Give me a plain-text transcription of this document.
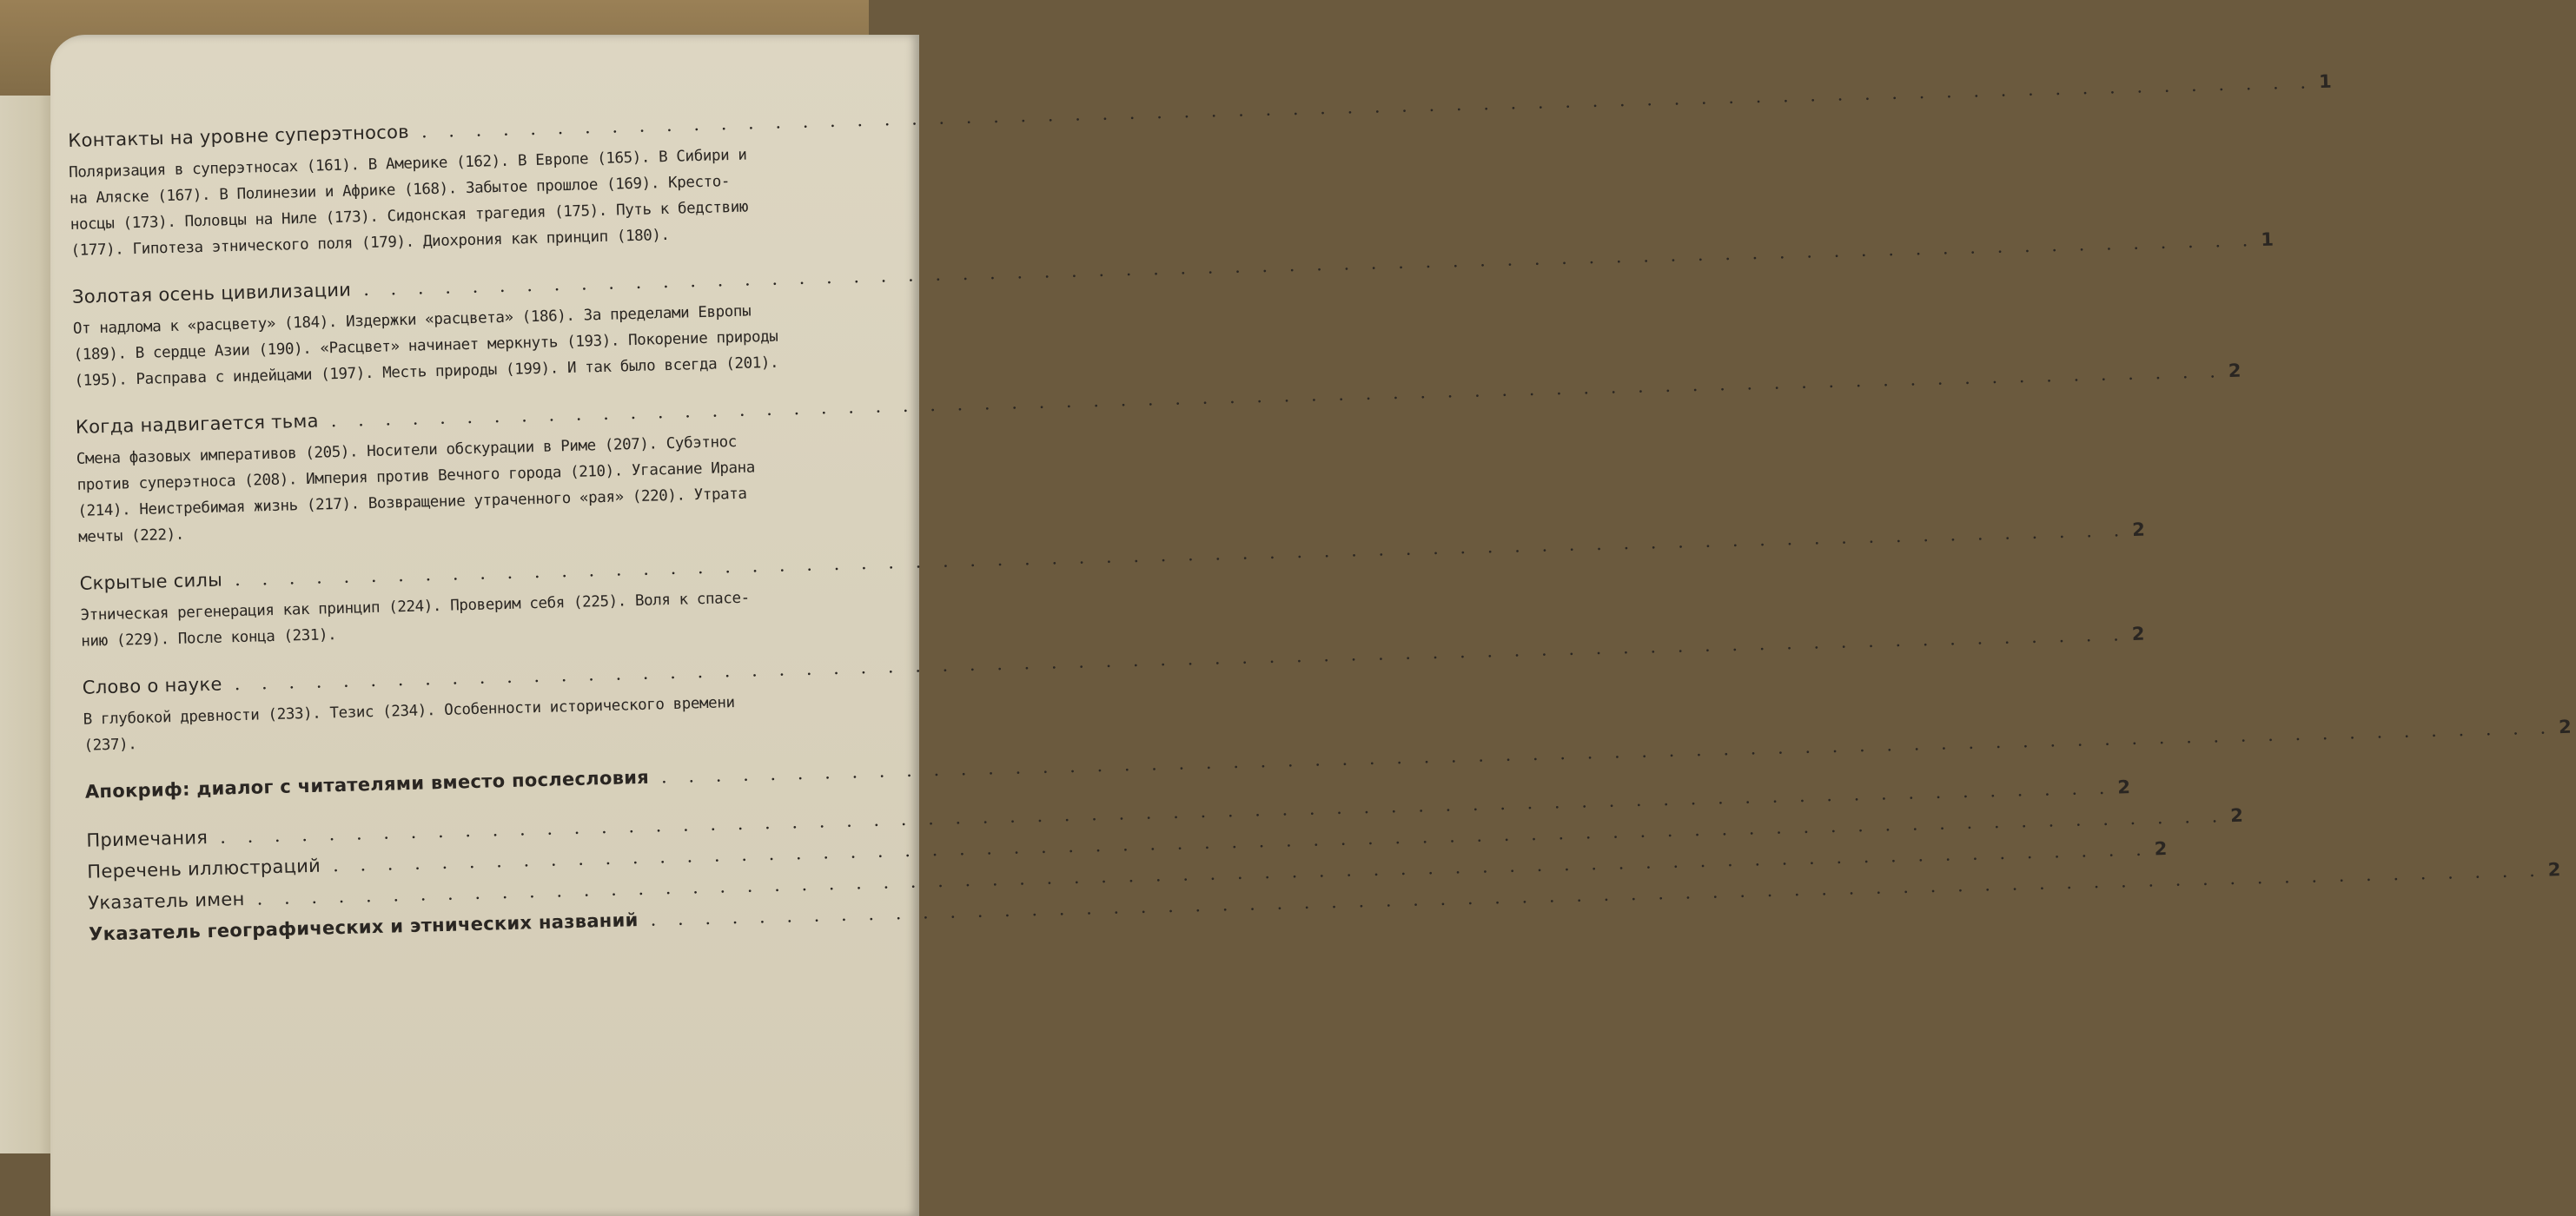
Контакты на уровне суперэтносов
. . .
1

Поляризация в суперэтносах (161). В Америке (162). В Европе (165). В Сибири и

на Аляске (167). В Полинезии и Африке (168). Забытое прошлое (169). Кресто-

носцы (173). Половцы на Ниле (173). Сидонская трагедия (175). Путь к бедствию

(177). Гипотеза этнического поля (179). Диохрония как принцип (180).

Золотая осень цивилизации
. . .
1

От надлома к «расцвету» (184). Издержки «расцвета» (186). За пределами Европы

(189). В сердце Азии (190). «Расцвет» начинает меркнуть (193). Покорение природы

(195). Расправа с индейцами (197). Месть природы (199). И так было всегда (201).

Когда надвигается тьма
. . .
2

Смена фазовых императивов (205). Носители обскурации в Риме (207). Субэтнос

против суперэтноса (208). Империя против Вечного города (210). Угасание Ирана

(214). Неистребимая жизнь (217). Возвращение утраченного «рая» (220). Утрата

мечты (222).

Скрытые силы
. . .
2

Этническая регенерация как принцип (224). Проверим себя (225). Воля к спасе-

нию (229). После конца (231).

Слово о науке
. . .
2

В глубокой древности (233). Тезис (234). Особенности исторического времени

(237).

Апокриф: диалог с читателями вместо послесловия
. . .
2
Примечания
. . .
2
Перечень иллюстраций
. . .
2
Указатель имен
. . .
2
Указатель географических и этнических названий
. . .
2
